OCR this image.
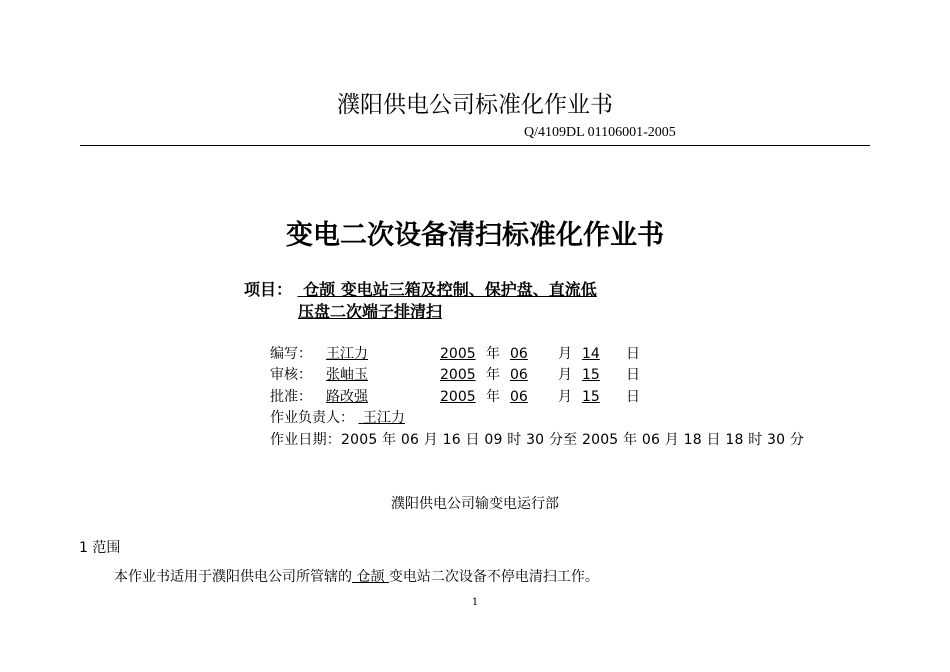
濮阳供电公司标准化作业书
Q/4109DL 01106001-2005
变电二次设备清扫标准化作业书
项目： 仓颉 变电站三箱及控制、保护盘、直流低
压盘二次端子排清扫
编写： 王江力	2005 年 06 月 14 日
审核： 张岫玉	2005 年 06 月 15 日
批准： 路改强	2005 年 06 月 15 日
作业负责人： 王江力
作业日期：2005 年 06 月 16 日 09 时 30 分至 2005 年 06 月 18 日 18 时 30 分
濮阳供电公司输变电运行部
1 范围
本作业书适用于濮阳供电公司所管辖的 仓颉 变电站二次设备不停电清扫工作。
1
